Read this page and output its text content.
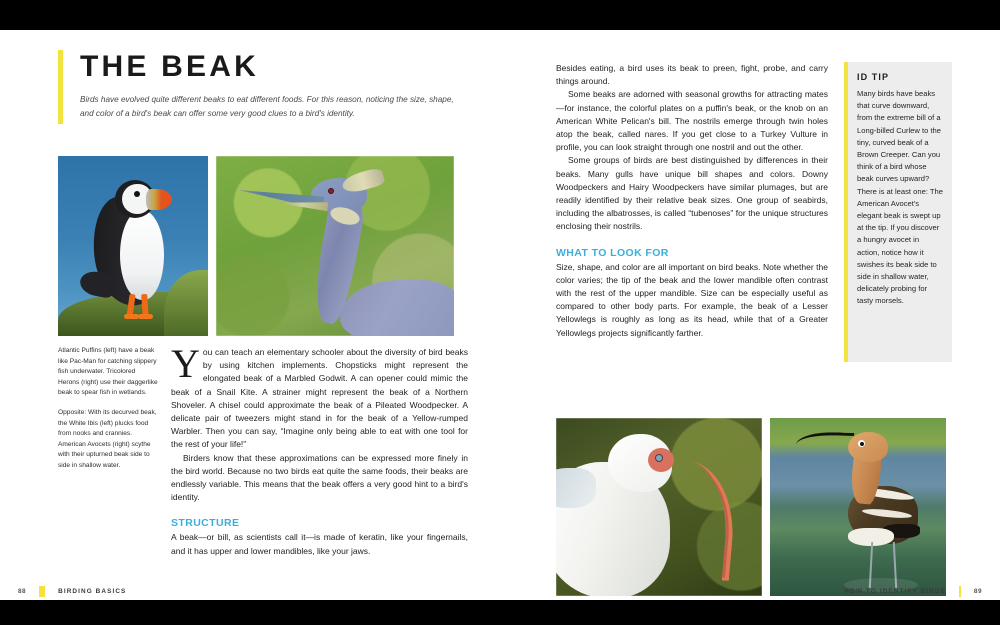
THE BEAK
Birds have evolved quite different beaks to eat different foods. For this reason, noticing the size, shape, and color of a bird's beak can offer some very good clues to a bird's identity.
Atlantic Puffins (left) have a beak like Pac-Man for catching slippery fish underwater. Tricolored Herons (right) use their daggerlike beak to spear fish in wetlands.
Opposite: With its decurved beak, the White Ibis (left) plucks food from nooks and crannies. American Avocets (right) scythe with their upturned beak side to side in shallow water.
You can teach an elementary schooler about the diversity of bird beaks by using kitchen implements. Chopsticks might represent the elongated beak of a Marbled Godwit. A can opener could mimic the beak of a Snail Kite. A strainer might represent the beak of a Northern Shoveler. A chisel could approximate the beak of a Pileated Woodpecker. A delicate pair of tweezers might stand in for the beak of a Yellow-rumped Warbler. Then you can say, “Imagine only being able to eat with one tool for the rest of your life!”
Birders know that these approximations can be expressed more finely in the bird world. Because no two birds eat quite the same foods, their beaks are endlessly variable. This means that the beak offers a very good hint to a bird's identity.
STRUCTURE
A beak—or bill, as scientists call it—is made of keratin, like your fingernails, and it has upper and lower mandibles, like your jaws.
Besides eating, a bird uses its beak to preen, fight, probe, and carry things around.
Some beaks are adorned with seasonal growths for attracting mates—for instance, the colorful plates on a puffin's beak, or the knob on an American White Pelican's bill. The nostrils emerge through twin holes atop the beak, called nares. If you get close to a Turkey Vulture in profile, you can look straight through one nostril and out the other.
Some groups of birds are best distinguished by differences in their beaks. Many gulls have unique bill shapes and colors. Downy Woodpeckers and Hairy Woodpeckers have similar plumages, but are readily identified by their relative beak sizes. One group of seabirds, including the albatrosses, is called “tubenoses” for the unique structures enclosing their nostrils.
WHAT TO LOOK FOR
Size, shape, and color are all important on bird beaks. Note whether the color varies; the tip of the beak and the lower mandible often contrast with the rest of the upper mandible. Size can be especially useful as compared to other body parts. For example, the beak of a Lesser Yellowlegs is roughly as long as its head, while that of a Greater Yellowlegs projects significantly farther.
ID TIP
Many birds have beaks that curve downward, from the extreme bill of a Long-billed Curlew to the tiny, curved beak of a Brown Creeper. Can you think of a bird whose beak curves upward? There is at least one: The American Avocet's elegant beak is swept up at the tip. If you discover a hungry avocet in action, notice how it swishes its beak side to side in shallow water, delicately probing for tasty morsels.
88	BIRDING BASICS	HOW TO IDENTIFY BIRDS	89
